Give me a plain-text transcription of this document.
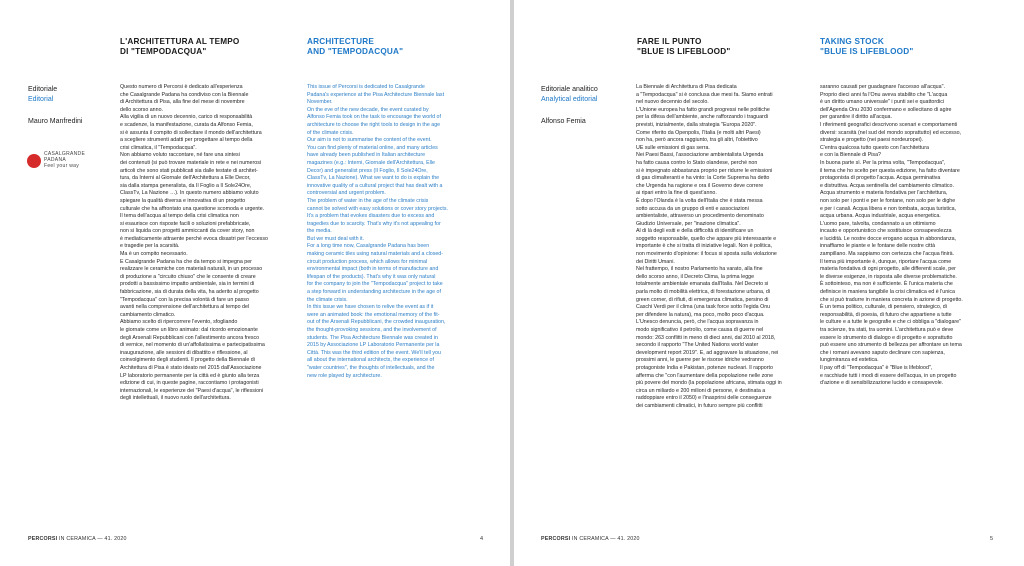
L'ARCHITETTURA AL TEMPO
DI "TEMPODACQUA"
ARCHITECTURE
AND "TEMPODACQUA"
Editoriale
Editorial
Mauro Manfredini
CASALGRANDE
PADANA
Feel your way
Questo numero di Percorsi è dedicato all'esperienza
che Casalgrande Padana ha condiviso con la Biennale
di Architettura di Pisa, alla fine del mese di novembre
dello scorso anno.
Alla vigilia di un nuovo decennio, carico di responsabilità
e scadenze, la manifestazione, curata da Alfonso Femia,
si è assunta il compito di sollecitare il mondo dell'architettura
a scegliere strumenti adatti per progettare al tempo della
crisi climatica, il "Tempodacqua".
Non abbiamo voluto raccontare, né fare una sintesi
dei contenuti (si può trovare materiale in rete e nei numerosi
articoli che sono stati pubblicati sia dalle testate di architet-
tura, da Interni al Giornale dell'Architettura a Elle Decor,
sia dalla stampa generalista, da Il Foglio a Il Sole24Ore,
ClassTv, La Nazione …). In questo numero abbiamo voluto
spiegare la qualità diversa e innovativa di un progetto
culturale che ha affrontato una questione scomoda e urgente.
Il tema dell'acqua al tempo della crisi climatica non
si esaurisce con risposte facili o soluzioni prefabbricate,
non si liquida con progetti ammiccanti da cover story, non
è mediaticamente attraente perché evoca disastri per l'eccesso
e tragedie per la scarsità.
Ma è un compito necessario.
E Casalgrande Padana ha che da tempo si impegna per
realizzare le ceramiche con materiali naturali, in un processo
di produzione a "circuito chiuso" che le consente di creare
prodotti a bassissimo impatto ambientale, sia in termini di
fabbricazione, sia di durata della vita, ha aderito al progetto
"Tempodacqua" con la precisa volontà di fare un passo
avanti nella comprensione dell'architettura al tempo del
cambiamento climatico.
Abbiamo scelto di ripercorrere l'evento, sfogliando
le giornate come un libro animato: dal ricordo emozionante
degli Arsenali Repubblicani con l'allestimento ancora fresco
di vernice, nel momento di un'affollatissima e partecipatissima
inaugurazione, alle sessioni di dibattito e riflessione, al
coinvolgimento degli studenti. Il progetto della Biennale di
Architettura di Pisa è stato ideato nel 2015 dall'Associazione
LP laboratorio permanente per la città ed è giunto alla terza
edizione di cui, in queste pagine, raccontiamo i protagonisti
internazionali, le esperienze dei "Paesi d'acqua", le riflessioni
degli intellettuali, il nuovo ruolo dell'architettura.
This issue of Percorsi is dedicated to Casalgrande
Padana's experience at the Pisa Architecture Biennale last
November.
On the eve of the new decade, the event curated by
Alfonso Femia took on the task to encourage the world of
architecture to choose the right tools to design in the age
of the climate crisis.
Our aim is not to summarise the content of the event.
You can find plenty of material online, and many articles
have already been published in Italian architecture
magazines (e.g.: Interni, Giornale dell'Architettura, Elle
Decor) and generalist press (Il Foglio, Il Sole24Ore,
ClassTv, La Nazione). What we want to do is explain the
innovative quality of a cultural project that has dealt with a
controversial and urgent problem.
The problem of water in the age of the climate crisis
cannot be solved with easy solutions or cover story projects.
It's a problem that evokes disasters due to excess and
tragedies due to scarcity. That's why it's not appealing for
the media.
But we must deal with it.
For a long time now, Casalgrande Padana has been
making ceramic tiles using natural materials and a closed-
circuit production process, which allows for minimal
environmental impact (both in terms of manufacture and
lifespan of the products). That's why it was only natural
for the company to join the "Tempodacqua" project to take
a step forward in understanding architecture in the age of
the climate crisis.
In this issue we have chosen to relive the event as if it
were an animated book: the emotional memory of the fit-
out of the Arsenali Repubblicani, the crowded inauguration,
the thought-provoking sessions, and the involvement of
students. The Pisa Architecture Biennale was created in
2015 by Associazione LP Laboratorio Permanente per la
Città. This was the third edition of the event. We'll tell you
all about the international architects, the experience of
"water countries", the thoughts of intellectuals, and the
new role played by architecture.
PERCORSI IN CERAMICA — 41. 2020	4
FARE IL PUNTO
"BLUE IS LIFEBLOOD"
TAKING STOCK
"BLUE IS LIFEBLOOD"
Editoriale analitico
Analytical editorial
Alfonso Femia
La Biennale di Architettura di Pisa dedicata
a "Tempodacqua" si è conclusa due mesi fa. Siamo entrati
nel nuovo decennio del secolo.
L'Unione europea ha fatto grandi progressi nelle politiche
per la difesa dell'ambiente, anche rafforzando i traguardi
previsti, inizialmente, dalla strategia "Europa 2020".
Come riferito da Openpolis, l'Italia (e molti altri Paesi)
non ha, però ancora raggiunto, tra gli altri, l'obiettivo
UE sulle emissioni di gas serra.
Nei Paesi Bassi, l'associazione ambientalista Urgenda
ha fatto causa contro lo Stato olandese, perché non
si è impegnato abbastanza proprio per ridurre le emissioni
di gas climalteranti e ha vinto: la Corte Suprema ha detto
che Urgenda ha ragione e ora il Governo deve correre
ai ripari entro la fine di quest'anno.
È dopo l'Olanda è la volta dell'Italia che è stata messa
sotto accusa da un gruppo di enti e associazioni
ambientaliste, attraverso un procedimento denominato
Giudizio Universale, per "inazione climatica".
Al di là degli esiti e della difficoltà di identificare un
soggetto responsabile, quello che appare più interessante e
importante è che si tratta di iniziative legali. Non è politica,
non movimento d'opinione: il focus si sposta sulla violazione
dei Diritti Umani.
Nel frattempo, il nostro Parlamento ha varato, alla fine
dello scorso anno, il Decreto Clima, la prima legge
totalmente ambientale emanata dall'Italia. Nel Decreto si
parla molto di mobilità elettrica, di forestazione urbana, di
green corner, di rifiuti, di emergenza climatica, persino di
Caschi Verdi per il clima (una task force sotto l'egida Onu
per difendere la natura), ma poco, molto poco d'acqua.
L'Unesco denuncia, però, che l'acqua sopravanza in
modo significativo il petrolio, come causa di guerre nel
mondo: 263 conflitti in meno di dieci anni, dal 2010 al 2018,
secondo il rapporto "The United Nations world water
development report 2019". E, ad aggravare la situazione, nei
prossimi anni, le guerre per le risorse idriche vedranno
protagoniste India e Pakistan, potenze nucleari. Il rapporto
afferma che "con l'aumentare della popolazione nelle zone
più povere del mondo (la popolazione africana, stimata oggi in
circa un miliardo e 200 milioni di persone, è destinata a
raddoppiare entro il 2050) e l'inasprirsi delle conseguenze
dei cambiamenti climatici, in futuro sempre più conflitti
saranno causati per guadagnare l'accesso all'acqua".
Proprio dieci anni fa l'Onu aveva stabilito che "L'acqua
è un diritto umano universale" i punti sei e quattordici
dell'Agenda Onu 2030 confermano e sollecitano di agire
per garantire il diritto all'acqua.
I riferimenti geografici descrivono scenari e comportamenti
diversi: scarsità (nel sud del mondo soprattutto) ed eccesso,
strategia e progetto (nei paesi nordeuropei).
C'entra qualcosa tutto questo con l'architettura
e con la Biennale di Pisa?
In buona parte sì. Per la prima volta, "Tempodacqua",
il tema che ho scelto per questa edizione, ha fatto diventare
protagonista di progetto l'acqua. Acqua germinativa
e distruttiva. Acqua sentinella del cambiamento climatico.
Acqua strumento e materia fondativa per l'architettura,
non solo per i ponti e per le fontane, non solo per le dighe
e per i canali. Acqua libera e non tombata, acqua turistica,
acqua urbana. Acqua industriale, acqua energetica.
L'uomo pare, talvolta, condannato a un ottimismo
incauto e opportunistico che sostituisce consapevolezza
e lucidità. Le nostre docce erogano acqua in abbondanza,
innaffiamo le piante e le fontane delle nostre città
zampillano. Ma sappiamo con certezza che l'acqua finirà.
Il tema più importante è, dunque, riportare l'acqua come
materia fondativa di ogni progetto, alle differenti scale, per
le diverse esigenze, in risposta alle diverse problematiche.
È sottointeso, ma non è sufficiente. È l'unica materia che
definisce in maniera tangibile la crisi climatica ed è l'unica
che si può tradurre in maniera concreta in azione di progetto.
È un tema politico, culturale, di pensiero, strategico, di
responsabilità, di poesia, di futuro che appartiene a tutte
le culture e a tutte le geografie e che ci obbliga a "dialogare"
tra scienze, tra stati, tra uomini. L'architettura può e deve
essere lo strumento di dialogo e di progetto e soprattutto
può essere uno strumento di bellezza per affrontare un tema
che i romani avevano saputo declinare con sapienza,
lungimiranza ed estetica.
Il pay off di "Tempodacqua" è "Blue is lifeblood",
e racchiude tutti i modi di essere dell'acqua, in un progetto
d'azione e di sensibilizzazione lucido e consapevole.
PERCORSI IN CERAMICA — 41. 2020	5
